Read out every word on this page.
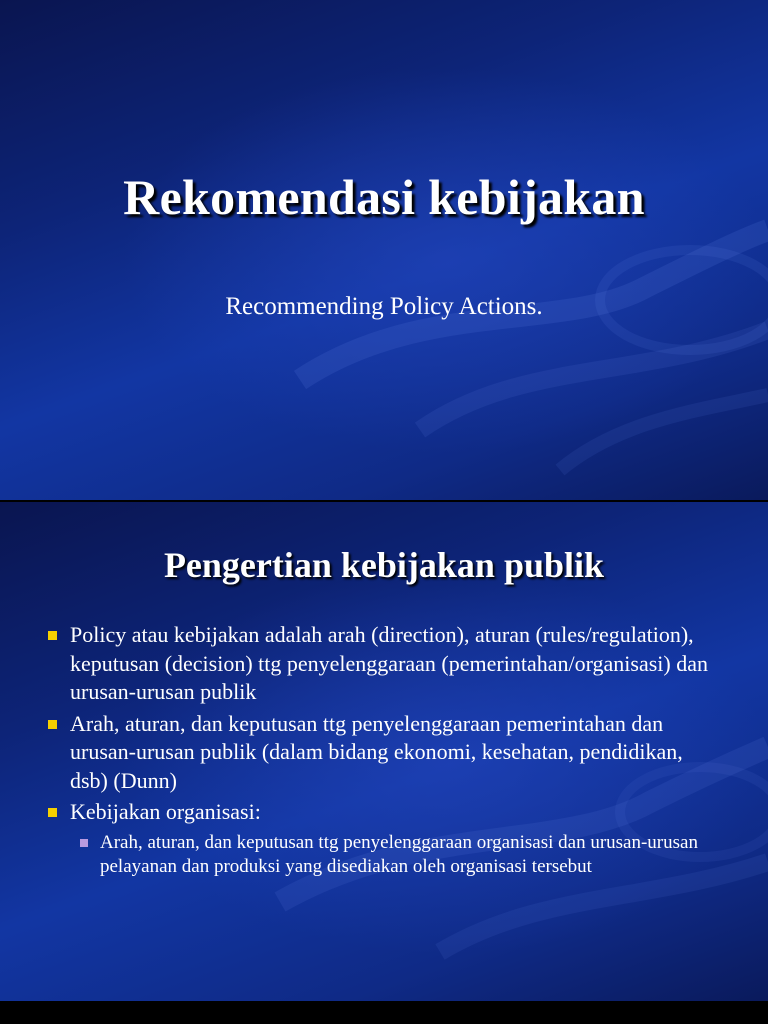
Rekomendasi kebijakan
Recommending Policy Actions.
Pengertian kebijakan publik
Policy atau kebijakan adalah arah (direction), aturan (rules/regulation), keputusan (decision) ttg penyelenggaraan (pemerintahan/organisasi) dan urusan-urusan publik
Arah, aturan, dan keputusan ttg penyelenggaraan pemerintahan dan urusan-urusan publik (dalam bidang ekonomi, kesehatan, pendidikan, dsb) (Dunn)
Kebijakan organisasi:
Arah, aturan, dan keputusan ttg penyelenggaraan organisasi dan urusan-urusan pelayanan dan produksi yang disediakan oleh organisasi tersebut
